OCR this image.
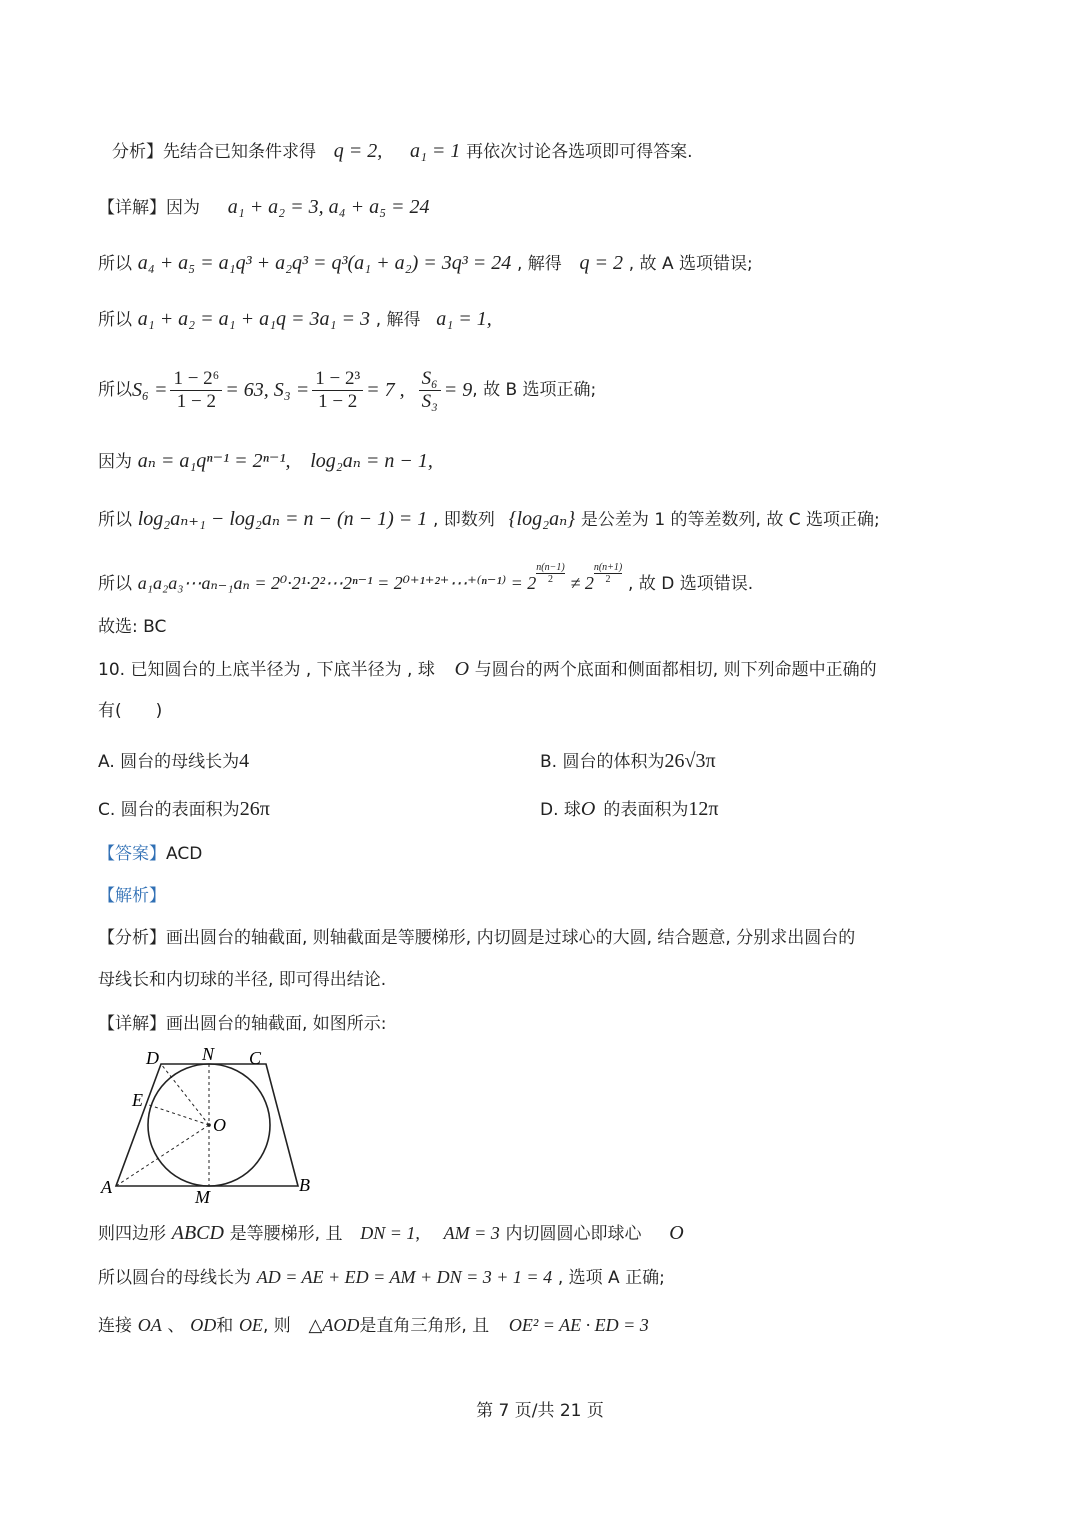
分析】先结合已知条件求得 q = 2, a₁ = 1 再依次讨论各选项即可得答案.
【详解】因为 a₁ + a₂ = 3, a₄ + a₅ = 24
所以 a₄ + a₅ = a₁q³ + a₂q³ = q³(a₁ + a₂) = 3q³ = 24 , 解得 q = 2 , 故 A 选项错误;
所以 a₁ + a₂ = a₁ + a₁q = 3a₁ = 3 , 解得 a₁ = 1,
所以 $S_6 = \frac{\text{1 − 2⁶}}{1 - 2} = 63$, $S_3 = \frac{\text{1 − 2³}}{1 - 2} = 7$ , $\frac{\text{S₆}}{\text{S₃}} = 9$ , 故 B 选项正确;
因为 aₙ = a₁qⁿ⁻¹ = 2ⁿ⁻¹, log₂aₙ = n − 1,
所以 log₂aₙ₊₁ − log₂aₙ = n − (n − 1) = 1 , 即数列 {log₂aₙ} 是公差为 1 的等差数列, 故 C 选项正确;
所以 a₁a₂a₃⋯aₙ₋₁aₙ = 2⁰·2¹·2²⋯2ⁿ⁻¹ = 2⁰⁺¹⁺²⁺⋯⁺⁽ⁿ⁻¹⁾ = $2 \frac{n(n-1)}{2} \ne 2 \frac{n(n+1)}{2}$ , 故 D 选项错误.
故选: BC
10. 已知圆台的上底半径为 , 下底半径为 , 球 O 与圆台的两个底面和侧面都相切, 则下列命题中正确的
有(　　)
A. 圆台的母线长为4	B. 圆台的体积为26√3π
C. 圆台的表面积为26π	D. 球O 的表面积为12π
【答案】ACD
【解析】
【分析】画出圆台的轴截面, 则轴截面是等腰梯形, 内切圆是过球心的大圆, 结合题意, 分别求出圆台的
母线长和内切球的半径, 即可得出结论.
【详解】画出圆台的轴截面, 如图所示:
D N C
E
O
A	M
B
则四边形 ABCD 是等腰梯形, 且 DN = 1, AM = 3 内切圆圆心即球心 O
所以圆台的母线长为 AD = AE + ED = AM + DN = 3 + 1 = 4 , 选项 A 正确;
连接 OA 、 OD和 OE, 则 △AOD是直角三角形, 且 OE² = AE · ED = 3
第 7 页/共 21 页
